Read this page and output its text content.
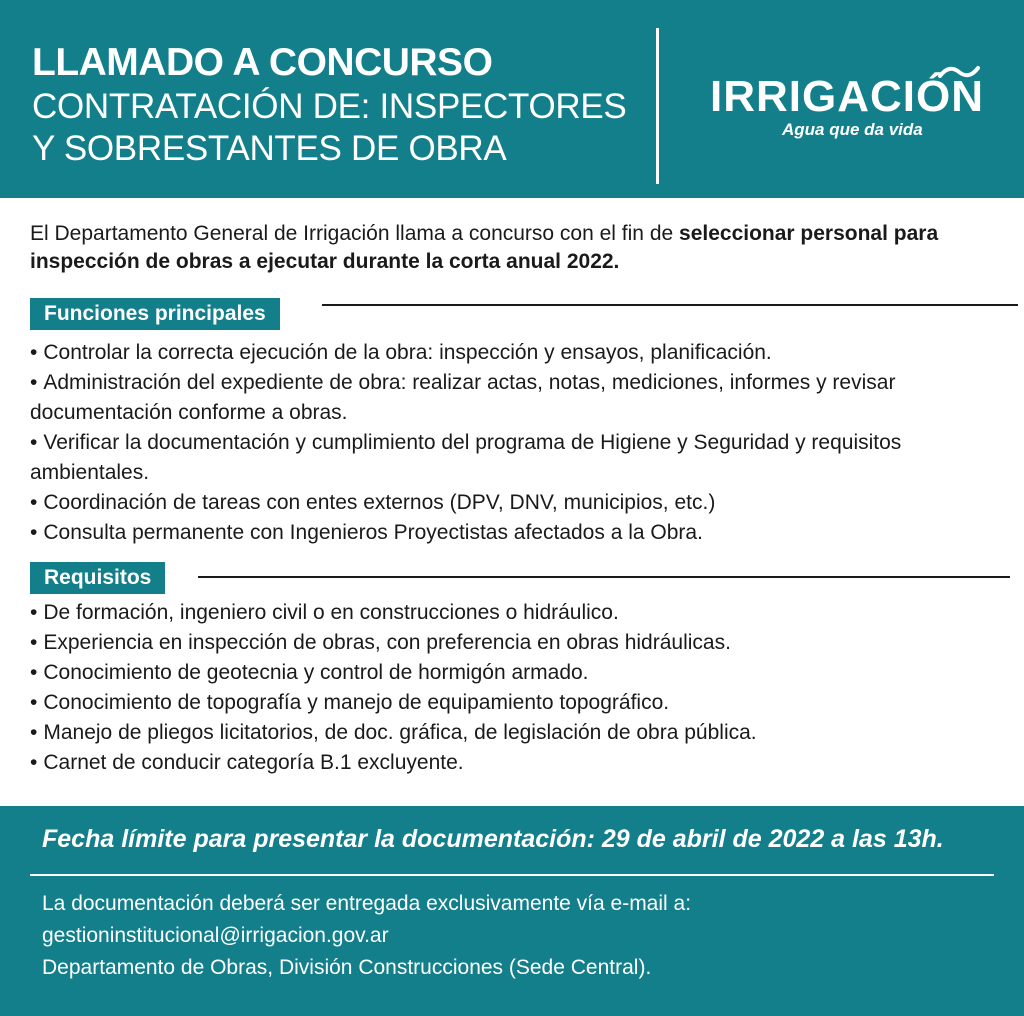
LLAMADO A CONCURSO

CONTRATACIÓN DE: INSPECTORES Y SOBRESTANTES DE OBRA

IRRIGACIÓN
Agua que da vida

El Departamento General de Irrigación llama a concurso con el fin de seleccionar personal para inspección de obras a ejecutar durante la corta anual 2022.

Funciones principales
• Controlar la correcta ejecución de la obra: inspección y ensayos, planificación.
• Administración del expediente de obra: realizar actas, notas, mediciones, informes y revisar documentación conforme a obras.
• Verificar la documentación y cumplimiento del programa de Higiene y Seguridad y requisitos ambientales.
• Coordinación de tareas con entes externos (DPV, DNV, municipios, etc.)
• Consulta permanente con Ingenieros Proyectistas afectados a la Obra.
Requisitos
• De formación, ingeniero civil o en construcciones o hidráulico.
• Experiencia en inspección de obras, con preferencia en obras hidráulicas.
• Conocimiento de geotecnia y control de hormigón armado.
• Conocimiento de topografía y manejo de equipamiento topográfico.
• Manejo de pliegos licitatorios, de doc. gráfica, de legislación de obra pública.
• Carnet de conducir categoría B.1 excluyente.
Fecha límite para presentar la documentación: 29 de abril de 2022 a las 13h.
La documentación deberá ser entregada exclusivamente vía e-mail a:
gestioninstitucional@irrigacion.gov.ar
Departamento de Obras, División Construcciones (Sede Central).
